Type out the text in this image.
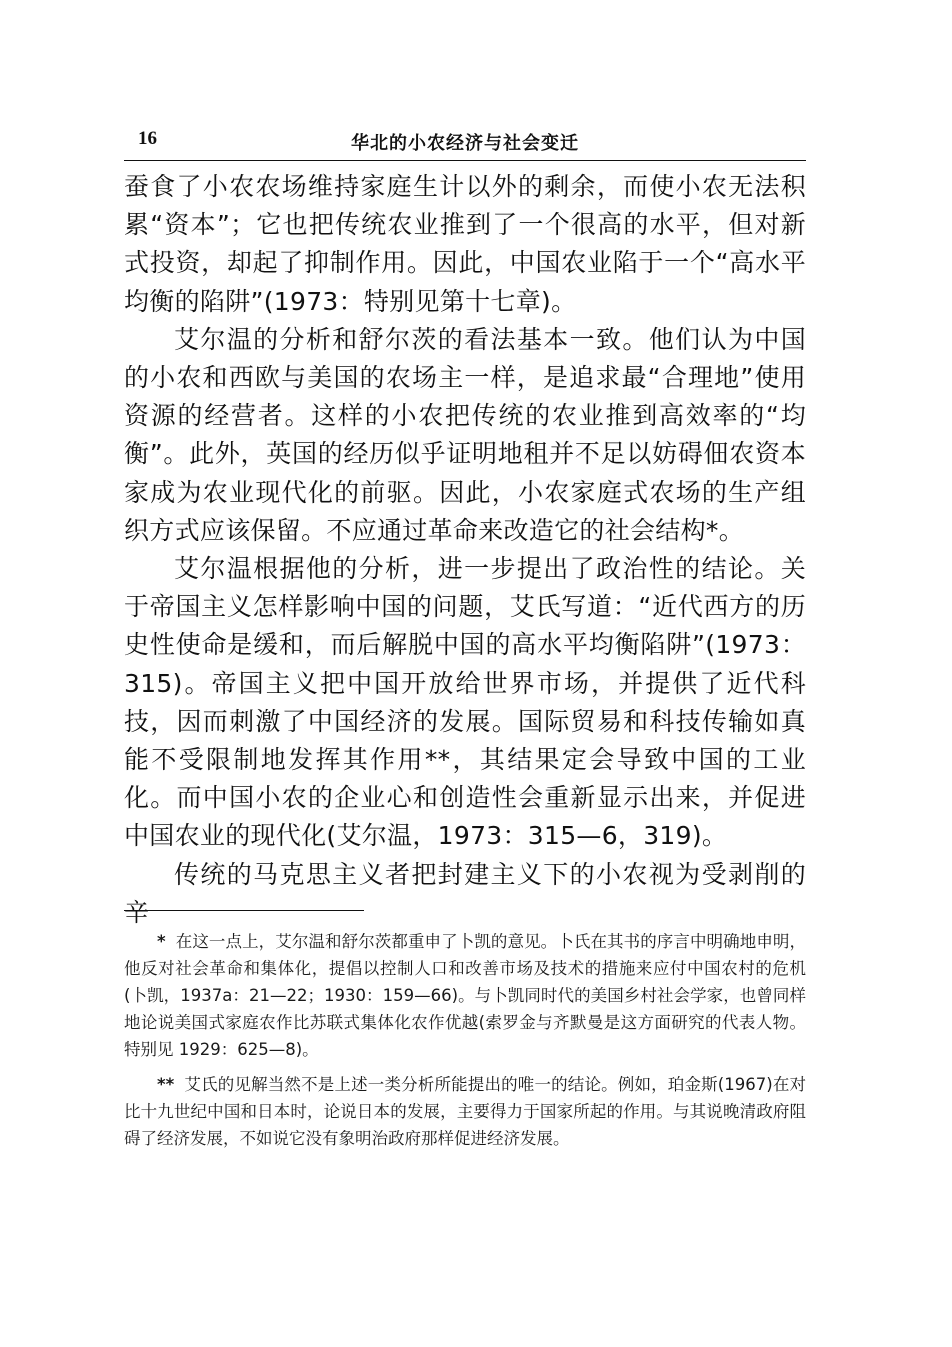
16	华北的小农经济与社会变迁

蚕食了小农农场维持家庭生计以外的剩余，而使小农无法积累“资本”；它也把传统农业推到了一个很高的水平，但对新式投资，却起了抑制作用。因此，中国农业陷于一个“高水平均衡的陷阱”(1973：特别见第十七章)。

艾尔温的分析和舒尔茨的看法基本一致。他们认为中国的小农和西欧与美国的农场主一样，是追求最“合理地”使用资源的经营者。这样的小农把传统的农业推到高效率的“均衡”。此外，英国的经历似乎证明地租并不足以妨碍佃农资本家成为农业现代化的前驱。因此，小农家庭式农场的生产组织方式应该保留。不应通过革命来改造它的社会结构*。

艾尔温根据他的分析，进一步提出了政治性的结论。关于帝国主义怎样影响中国的问题，艾氏写道：“近代西方的历史性使命是缓和，而后解脱中国的高水平均衡陷阱”(1973：315)。帝国主义把中国开放给世界市场，并提供了近代科技，因而刺激了中国经济的发展。国际贸易和科技传输如真能不受限制地发挥其作用**，其结果定会导致中国的工业化。而中国小农的企业心和创造性会重新显示出来，并促进中国农业的现代化(艾尔温，1973：315—6，319)。

传统的马克思主义者把封建主义下的小农视为受剥削的辛

* 在这一点上，艾尔温和舒尔茨都重申了卜凯的意见。卜氏在其书的序言中明确地申明，他反对社会革命和集体化，提倡以控制人口和改善市场及技术的措施来应付中国农村的危机(卜凯，1937a：21—22；1930：159—66)。与卜凯同时代的美国乡村社会学家，也曾同样地论说美国式家庭农作比苏联式集体化农作优越(索罗金与齐默曼是这方面研究的代表人物。特别见 1929：625—8)。

** 艾氏的见解当然不是上述一类分析所能提出的唯一的结论。例如，珀金斯(1967)在对比十九世纪中国和日本时，论说日本的发展，主要得力于国家所起的作用。与其说晚清政府阻碍了经济发展，不如说它没有象明治政府那样促进经济发展。
